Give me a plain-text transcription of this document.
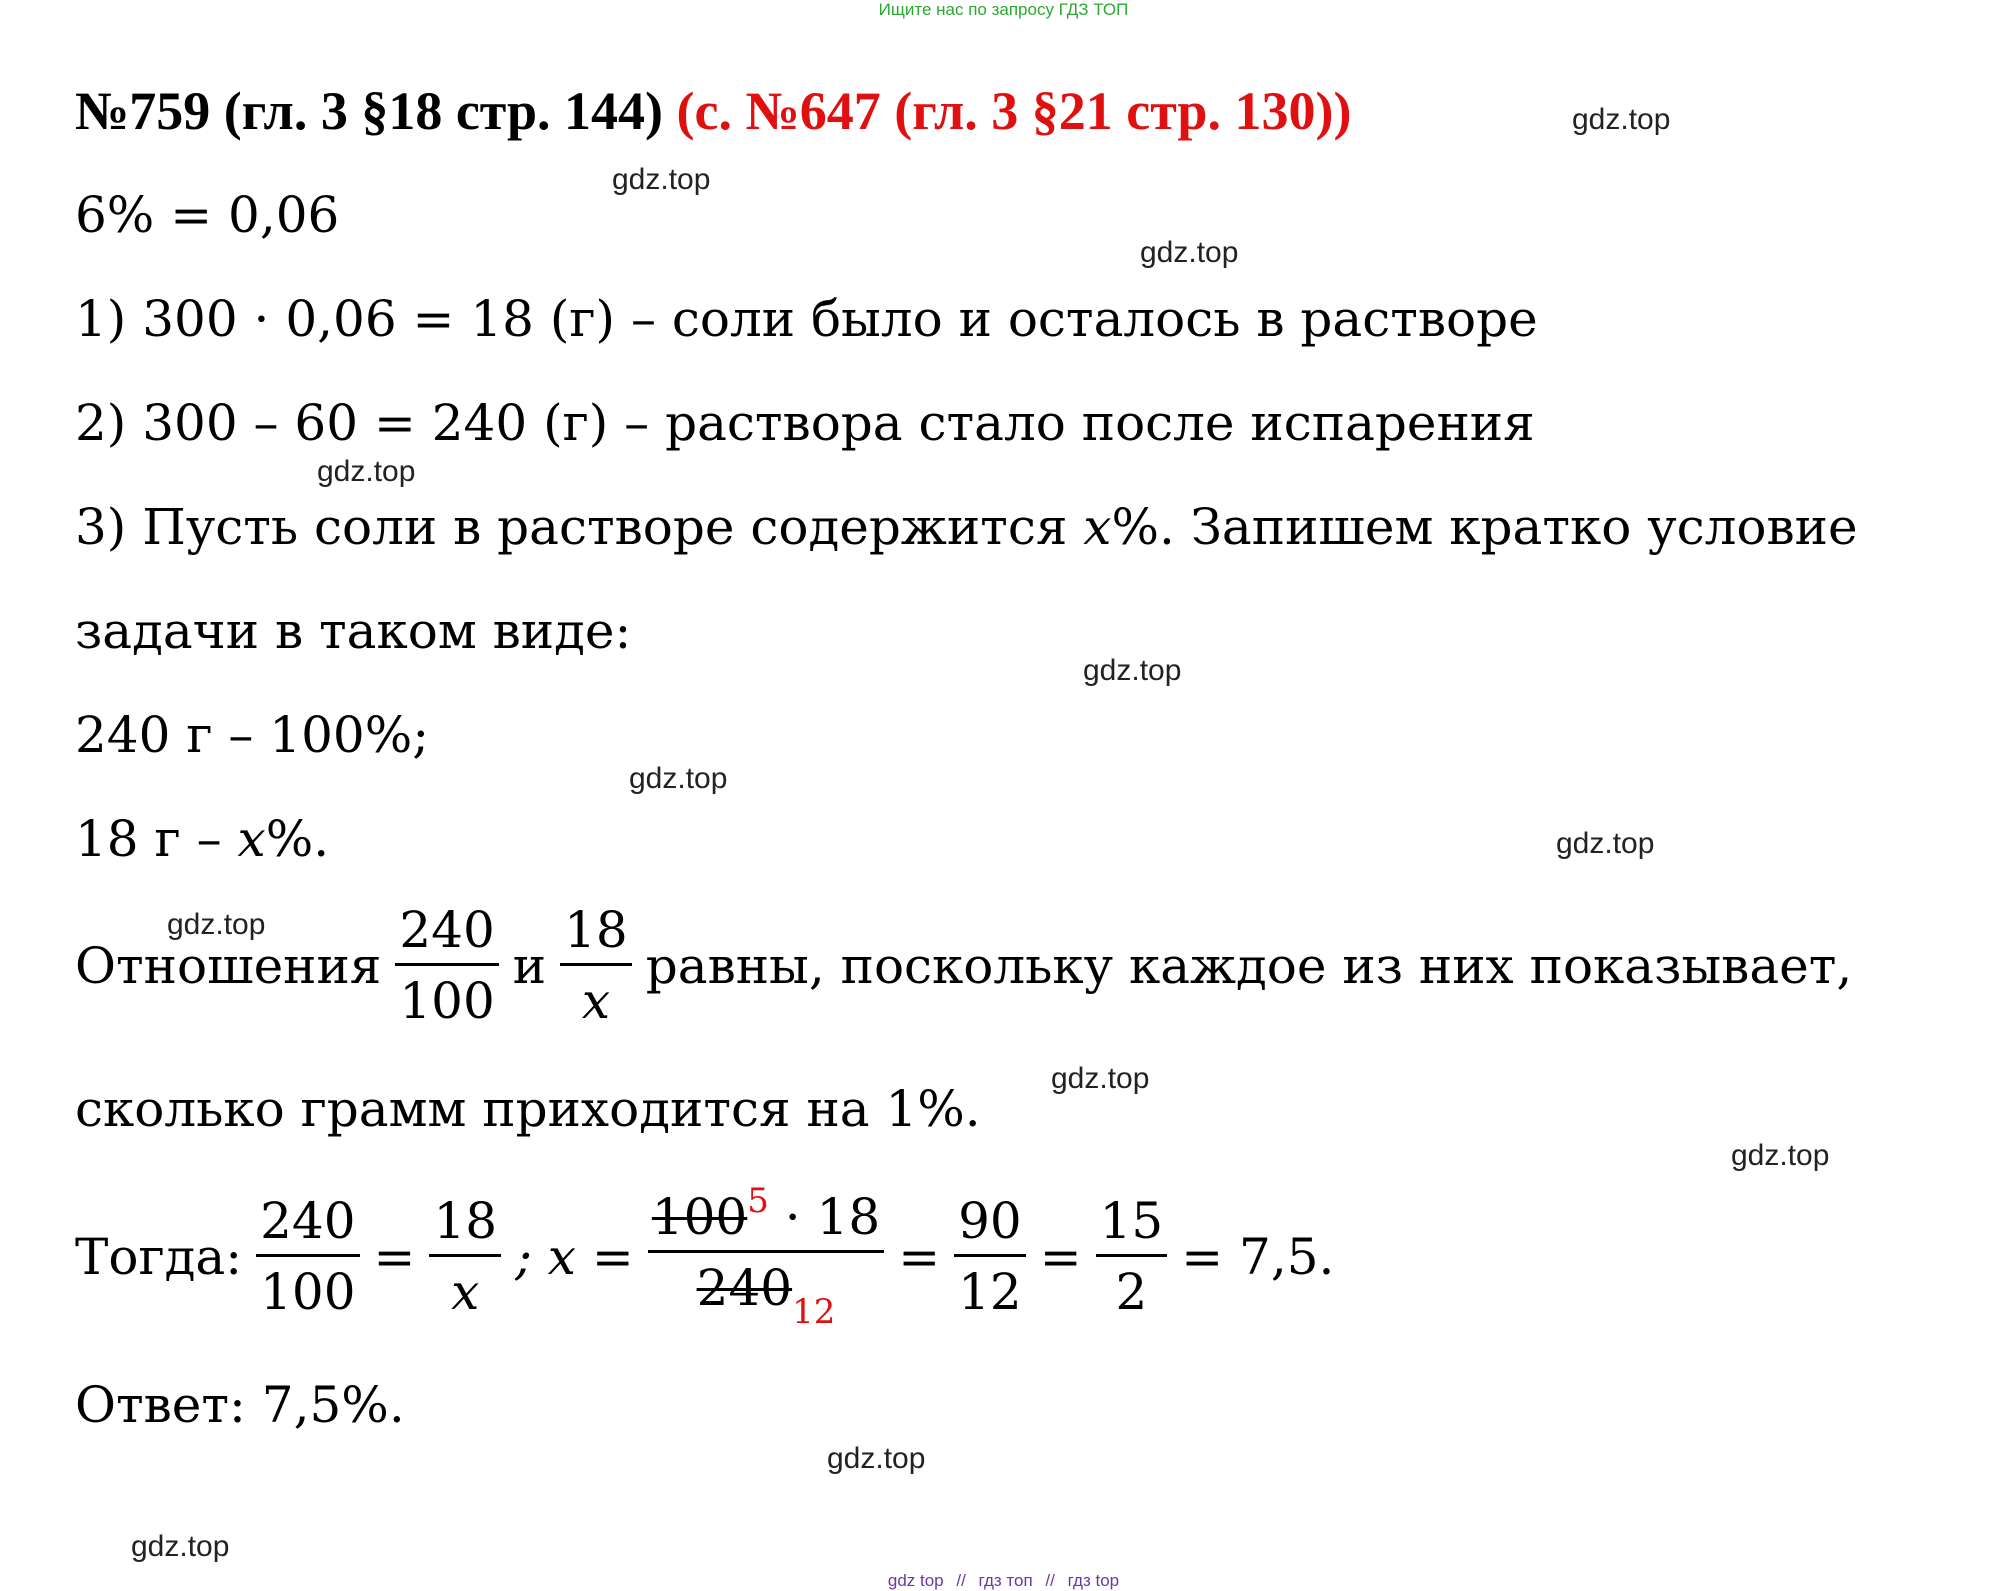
Ищите нас по запросу ГДЗ ТОП
№759 (гл. 3 §18 стр. 144) (с. №647 (гл. 3 §21 стр. 130))
6% = 0,06
1) 300 · 0,06 = 18 (г) – соли было и осталось в растворе
2) 300 – 60 = 240 (г) – раствора стало после испарения
3) Пусть соли в растворе содержится x%. Запишем кратко условие
задачи в таком виде:
240 г – 100%;
18 г – x%.
Отношения $\frac{240}{100}$ и $\frac{18}{x}$ равны, поскольку каждое из них показывает,
сколько грамм приходится на 1%.
Тогда: $\frac{240}{100} = \frac{18}{x}$ ; $x = \frac{100^5 \cdot 18}{240_{12}} = \frac{90}{12} = \frac{15}{2} = 7,5$.
Ответ: 7,5%.
gdz.top
gdz.top
gdz.top
gdz.top
gdz.top
gdz.top
gdz.top
gdz.top
gdz.top
gdz.top
gdz.top
gdz.top
gdz top // гдз топ // гдз top
